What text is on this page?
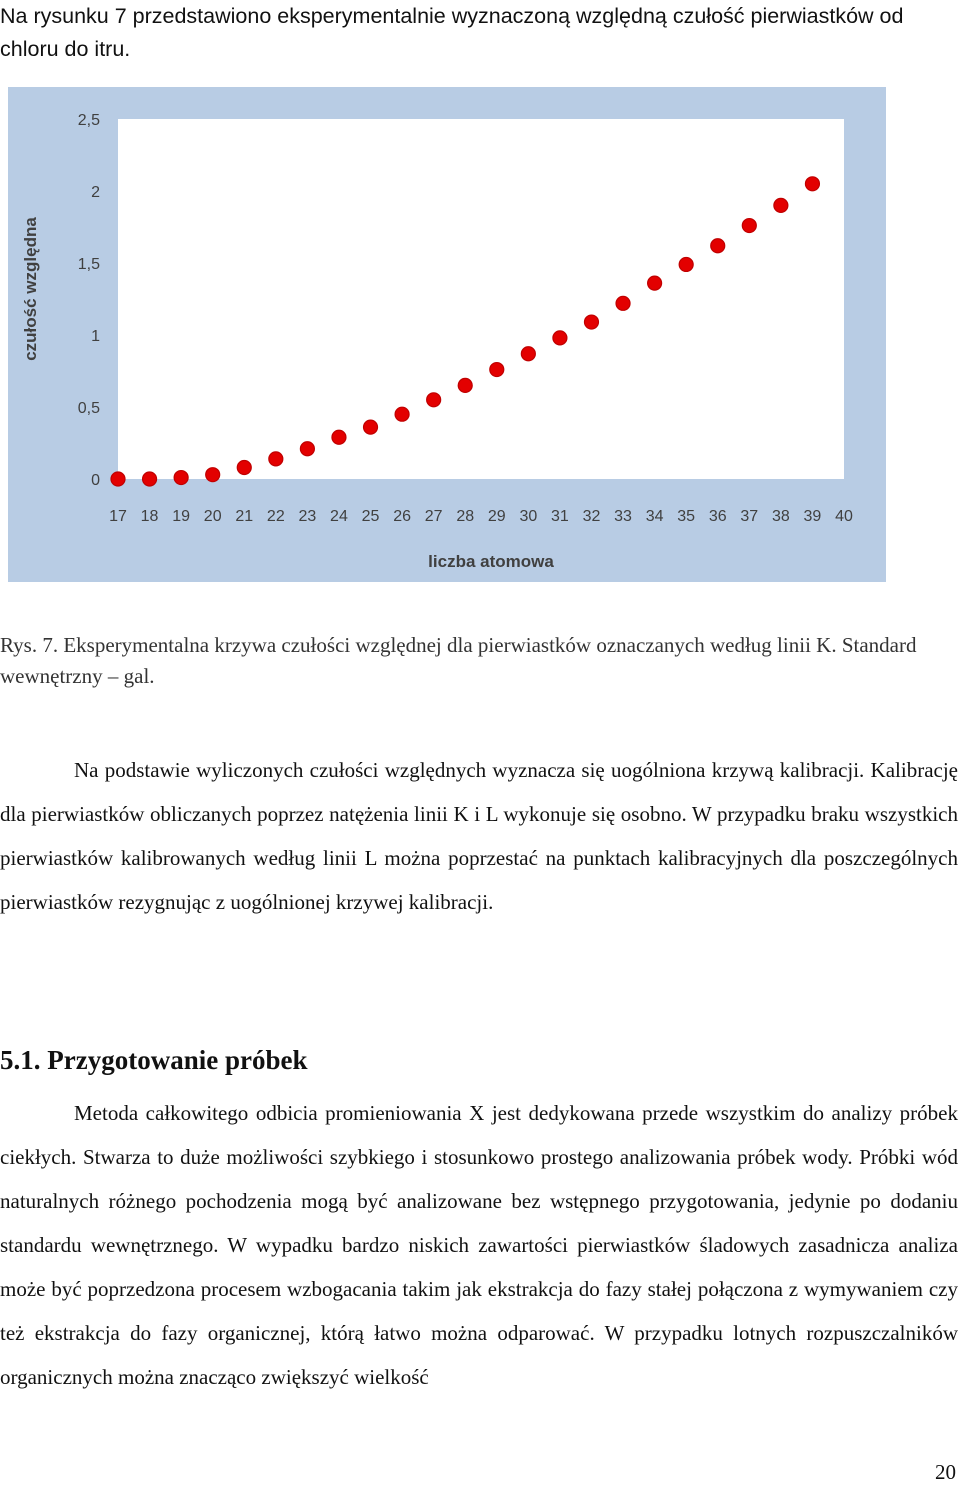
Na rysunku 7 przedstawiono eksperymentalnie wyznaczoną względną czułość pierwiastków od chloru do itru.

0
0,5
1
1,5
2
2,5
17 18 19 20 21 22 23 24 25 26 27 28 29 30 31 32 33 34 35 36 37 38 39 40
liczba atomowa
czułość względna

Rys. 7. Eksperymentalna krzywa czułości względnej dla pierwiastków oznaczanych według linii K. Standard wewnętrzny – gal.

Na podstawie wyliczonych czułości względnych wyznacza się uogólniona krzywą kalibracji. Kalibrację dla pierwiastków obliczanych poprzez natężenia linii K i L wykonuje się osobno. W przypadku braku wszystkich pierwiastków kalibrowanych według linii L można poprzestać na punktach kalibracyjnych dla poszczególnych pierwiastków rezygnując z uogólnionej krzywej kalibracji.

5.1. Przygotowanie próbek

Metoda całkowitego odbicia promieniowania X jest dedykowana przede wszystkim do analizy próbek ciekłych. Stwarza to duże możliwości szybkiego i stosunkowo prostego analizowania próbek wody. Próbki wód naturalnych różnego pochodzenia mogą być analizowane bez wstępnego przygotowania, jedynie po dodaniu standardu wewnętrznego. W wypadku bardzo niskich zawartości pierwiastków śladowych zasadnicza analiza może być poprzedzona procesem wzbogacania takim jak ekstrakcja do fazy stałej połączona z wymywaniem czy też ekstrakcja do fazy organicznej, którą łatwo można odparować. W przypadku lotnych rozpuszczalników organicznych można znacząco zwiększyć wielkość

20
